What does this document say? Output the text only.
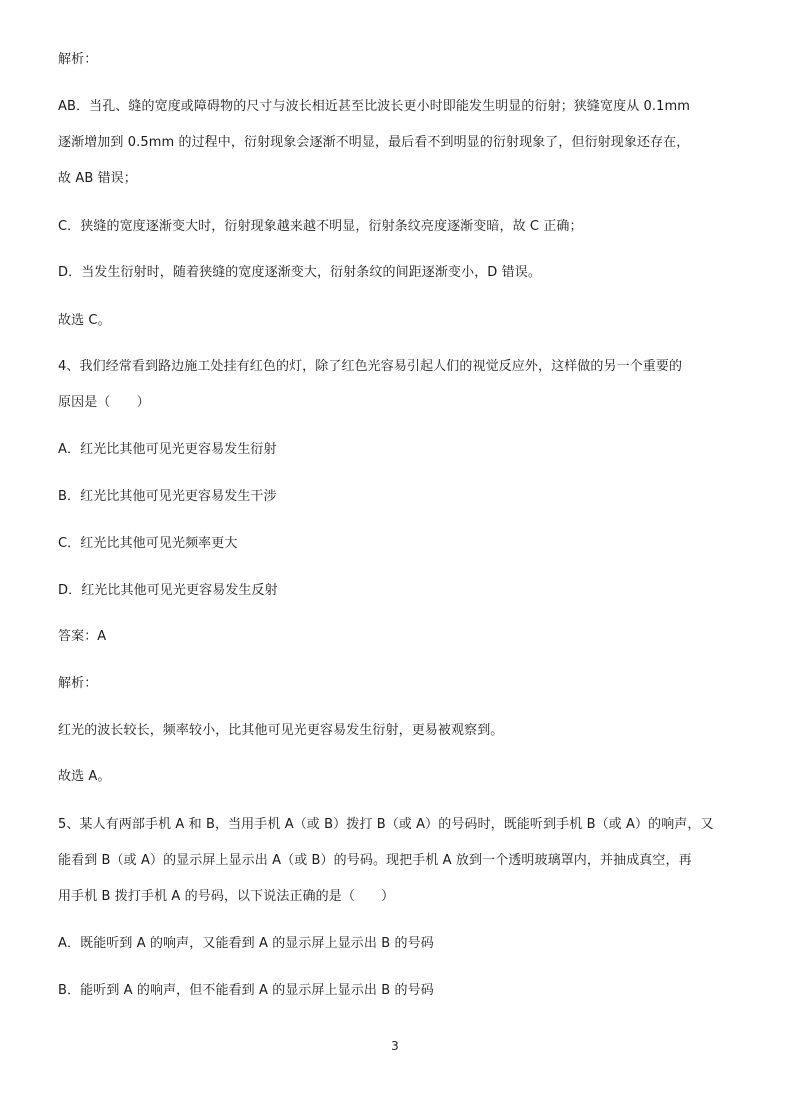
解析：
AB．当孔、缝的宽度或障碍物的尺寸与波长相近甚至比波长更小时即能发生明显的衍射；狭缝宽度从 0.1mm
逐渐增加到 0.5mm 的过程中，衍射现象会逐渐不明显，最后看不到明显的衍射现象了，但衍射现象还存在，
故 AB 错误；
C．狭缝的宽度逐渐变大时，衍射现象越来越不明显，衍射条纹亮度逐渐变暗，故 C 正确；
D．当发生衍射时，随着狭缝的宽度逐渐变大，衍射条纹的间距逐渐变小，D 错误。
故选 C。
4、我们经常看到路边施工处挂有红色的灯，除了红色光容易引起人们的视觉反应外，这样做的另一个重要的
原因是（　　）
A．红光比其他可见光更容易发生衍射
B．红光比其他可见光更容易发生干涉
C．红光比其他可见光频率更大
D．红光比其他可见光更容易发生反射
答案：A
解析：
红光的波长较长，频率较小，比其他可见光更容易发生衍射，更易被观察到。
故选 A。
5、某人有两部手机 A 和 B，当用手机 A（或 B）拨打 B（或 A）的号码时，既能听到手机 B（或 A）的响声，又
能看到 B（或 A）的显示屏上显示出 A（或 B）的号码。现把手机 A 放到一个透明玻璃罩内，并抽成真空，再
用手机 B 拨打手机 A 的号码，以下说法正确的是（　　）
A．既能听到 A 的响声，又能看到 A 的显示屏上显示出 B 的号码
B．能听到 A 的响声，但不能看到 A 的显示屏上显示出 B 的号码
3
